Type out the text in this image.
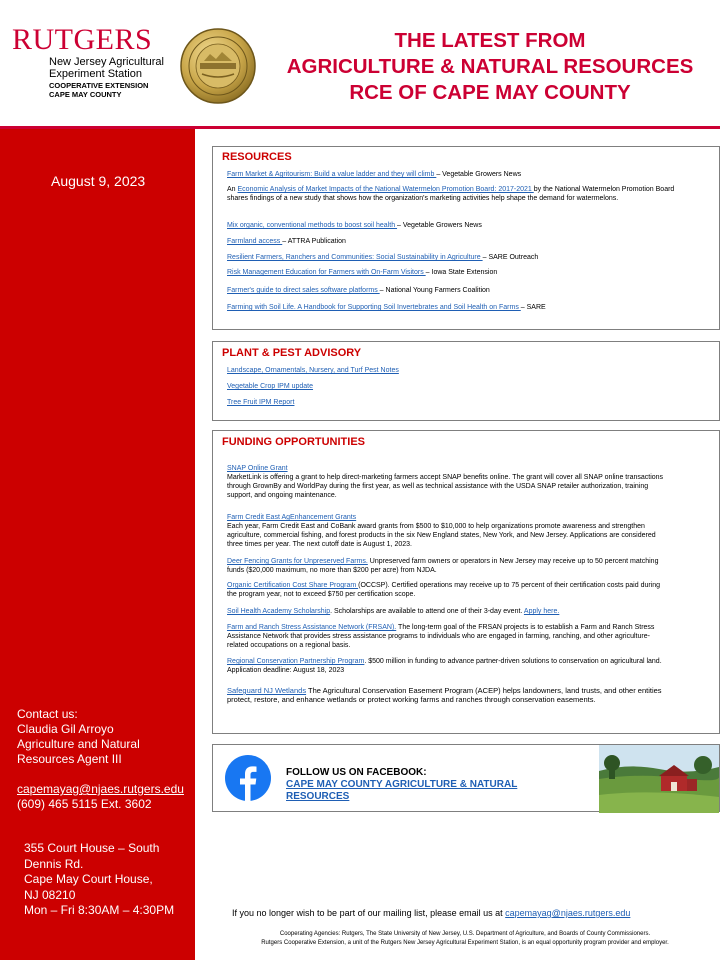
RUTGERS
New Jersey Agricultural
Experiment Station
COOPERATIVE EXTENSION
CAPE MAY COUNTY
THE LATEST FROM
AGRICULTURE & NATURAL RESOURCES
RCE OF CAPE MAY COUNTY
August 9, 2023
Contact us:
Claudia Gil Arroyo
Agriculture and Natural
Resources Agent III
capemayag@njaes.rutgers.edu
(609) 465 5115 Ext. 3602
355 Court House – South
Dennis Rd.
Cape May Court House,
NJ 08210
Mon – Fri 8:30AM – 4:30PM
RESOURCES
Farm Market & Agritourism: Build a value ladder and they will climb – Vegetable Growers News
An Economic Analysis of Market Impacts of the National Watermelon Promotion Board: 2017-2021 by the National Watermelon Promotion Board shares findings of a new study that shows how the organization's marketing activities help shape the demand for watermelons.
Mix organic, conventional methods to boost soil health – Vegetable Growers News
Farmland access – ATTRA Publication
Resilient Farmers, Ranchers and Communities: Social Sustainability in Agriculture – SARE Outreach
Risk Management Education for Farmers with On-Farm Visitors – Iowa State Extension
Farmer's guide to direct sales software platforms – National Young Farmers Coalition
Farming with Soil Life. A Handbook for Supporting Soil Invertebrates and Soil Health on Farms – SARE
PLANT & PEST ADVISORY
Landscape, Ornamentals, Nursery, and Turf Pest Notes
Vegetable Crop IPM update
Tree Fruit IPM Report
FUNDING OPPORTUNITIES
SNAP Online Grant
MarketLink is offering a grant to help direct-marketing farmers accept SNAP benefits online. The grant will cover all SNAP online transactions through GrownBy and WorldPay during the first year, as well as technical assistance with the USDA SNAP retailer authorization, training support, and ongoing maintenance.
Farm Credit East AgEnhancement Grants
Each year, Farm Credit East and CoBank award grants from $500 to $10,000 to help organizations promote awareness and strengthen agriculture, commercial fishing, and forest products in the six New England states, New York, and New Jersey. Applications are considered three times per year. The next cutoff date is August 1, 2023.
Deer Fencing Grants for Unpreserved Farms. Unpreserved farm owners or operators in New Jersey may receive up to 50 percent matching funds ($20,000 maximum, no more than $200 per acre) from NJDA.
Organic Certification Cost Share Program (OCCSP). Certified operations may receive up to 75 percent of their certification costs paid during the program year, not to exceed $750 per certification scope.
Soil Health Academy Scholarship. Scholarships are available to attend one of their 3-day event. Apply here.
Farm and Ranch Stress Assistance Network (FRSAN). The long-term goal of the FRSAN projects is to establish a Farm and Ranch Stress Assistance Network that provides stress assistance programs to individuals who are engaged in farming, ranching, and other agriculture-related occupations on a regional basis.
Regional Conservation Partnership Program. $500 million in funding to advance partner-driven solutions to conservation on agricultural land. Application deadline: August 18, 2023
Safeguard NJ Wetlands The Agricultural Conservation Easement Program (ACEP) helps landowners, land trusts, and other entities protect, restore, and enhance wetlands or protect working farms and ranches through conservation easements.
FOLLOW US ON FACEBOOK:
CAPE MAY COUNTY AGRICULTURE & NATURAL
RESOURCES
If you no longer wish to be part of our mailing list, please email us at capemayag@njaes.rutgers.edu
Cooperating Agencies: Rutgers, The State University of New Jersey, U.S. Department of Agriculture, and Boards of County Commissioners.
Rutgers Cooperative Extension, a unit of the Rutgers New Jersey Agricultural Experiment Station, is an equal opportunity program provider and employer.
